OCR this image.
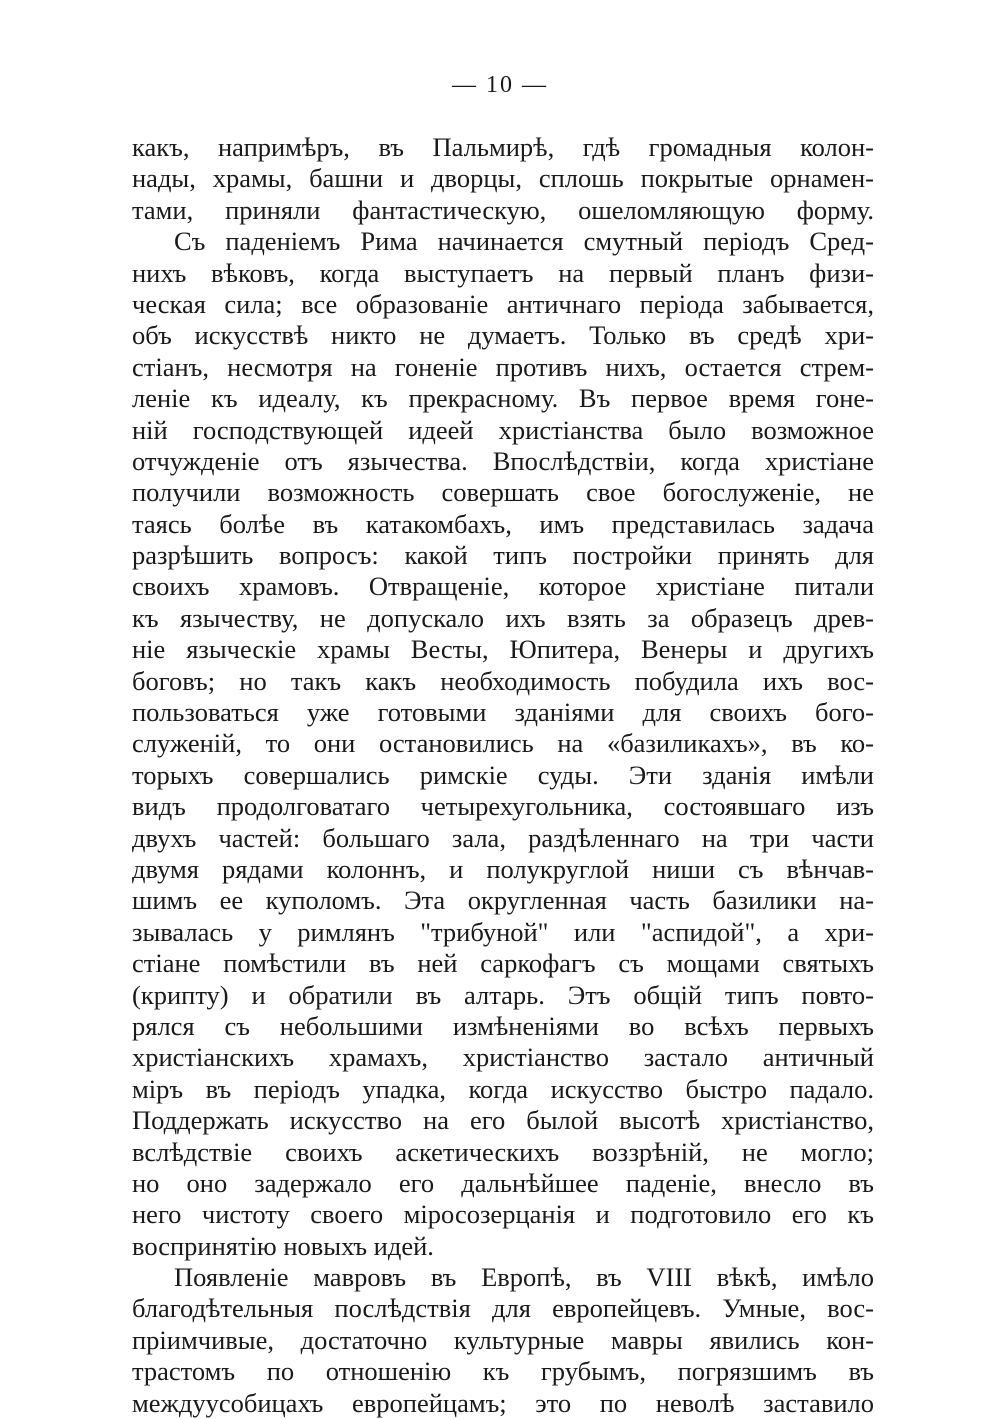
— 10 —
какъ, напримѣръ, въ Пальмирѣ, гдѣ громадныя колон-
нады, храмы, башни и дворцы, сплошь покрытые орнамен-
тами, приняли фантастическую, ошеломляющую форму.
Съ паденіемъ Рима начинается смутный періодъ Сред-
нихъ вѣковъ, когда выступаетъ на первый планъ физи-
ческая сила; все образованіе античнаго періода забывается,
объ искусствѣ никто не думаетъ. Только въ средѣ хри-
стіанъ, несмотря на гоненіе противъ нихъ, остается стрем-
леніе къ идеалу, къ прекрасному. Въ первое время гоне-
ній господствующей идеей христіанства было возможное
отчужденіе отъ язычества. Впослѣдствіи, когда христіане
получили возможность совершать свое богослуженіе, не
таясь болѣе въ катакомбахъ, имъ представилась задача
разрѣшить вопросъ: какой типъ постройки принять для
своихъ храмовъ. Отвращеніе, которое христіане питали
къ язычеству, не допускало ихъ взять за образецъ древ-
ніе языческіе храмы Весты, Юпитера, Венеры и другихъ
боговъ; но такъ какъ необходимость побудила ихъ вос-
пользоваться уже готовыми зданіями для своихъ бого-
служеній, то они остановились на «базиликахъ», въ ко-
торыхъ совершались римскіе суды. Эти зданія имѣли
видъ продолговатаго четырехугольника, состоявшаго изъ
двухъ частей: большаго зала, раздѣленнаго на три части
двумя рядами колоннъ, и полукруглой ниши съ вѣнчав-
шимъ ее куполомъ. Эта округленная часть базилики на-
зывалась у римлянъ "трибуной" или "аспидой", а хри-
стіане помѣстили въ ней саркофагъ съ мощами святыхъ
(крипту) и обратили въ алтарь. Этъ общій типъ повто-
рялся съ небольшими измѣненіями во всѣхъ первыхъ
христіанскихъ храмахъ, христіанство застало античный
міръ въ періодъ упадка, когда искусство быстро падало.
Поддержать искусство на его былой высотѣ христіанство,
вслѣдствіе своихъ аскетическихъ воззрѣній, не могло;
но оно задержало его дальнѣйшее паденіе, внесло въ
него чистоту своего міросозерцанія и подготовило его къ
воспринятію новыхъ идей.
Появленіе мавровъ въ Европѣ, въ VIII вѣкѣ, имѣло
благодѣтельныя послѣдствія для европейцевъ. Умные, вос-
пріимчивые, достаточно культурные мавры явились кон-
трастомъ по отношенію къ грубымъ, погрязшимъ въ
междуусобицахъ европейцамъ; это по неволѣ заставило
